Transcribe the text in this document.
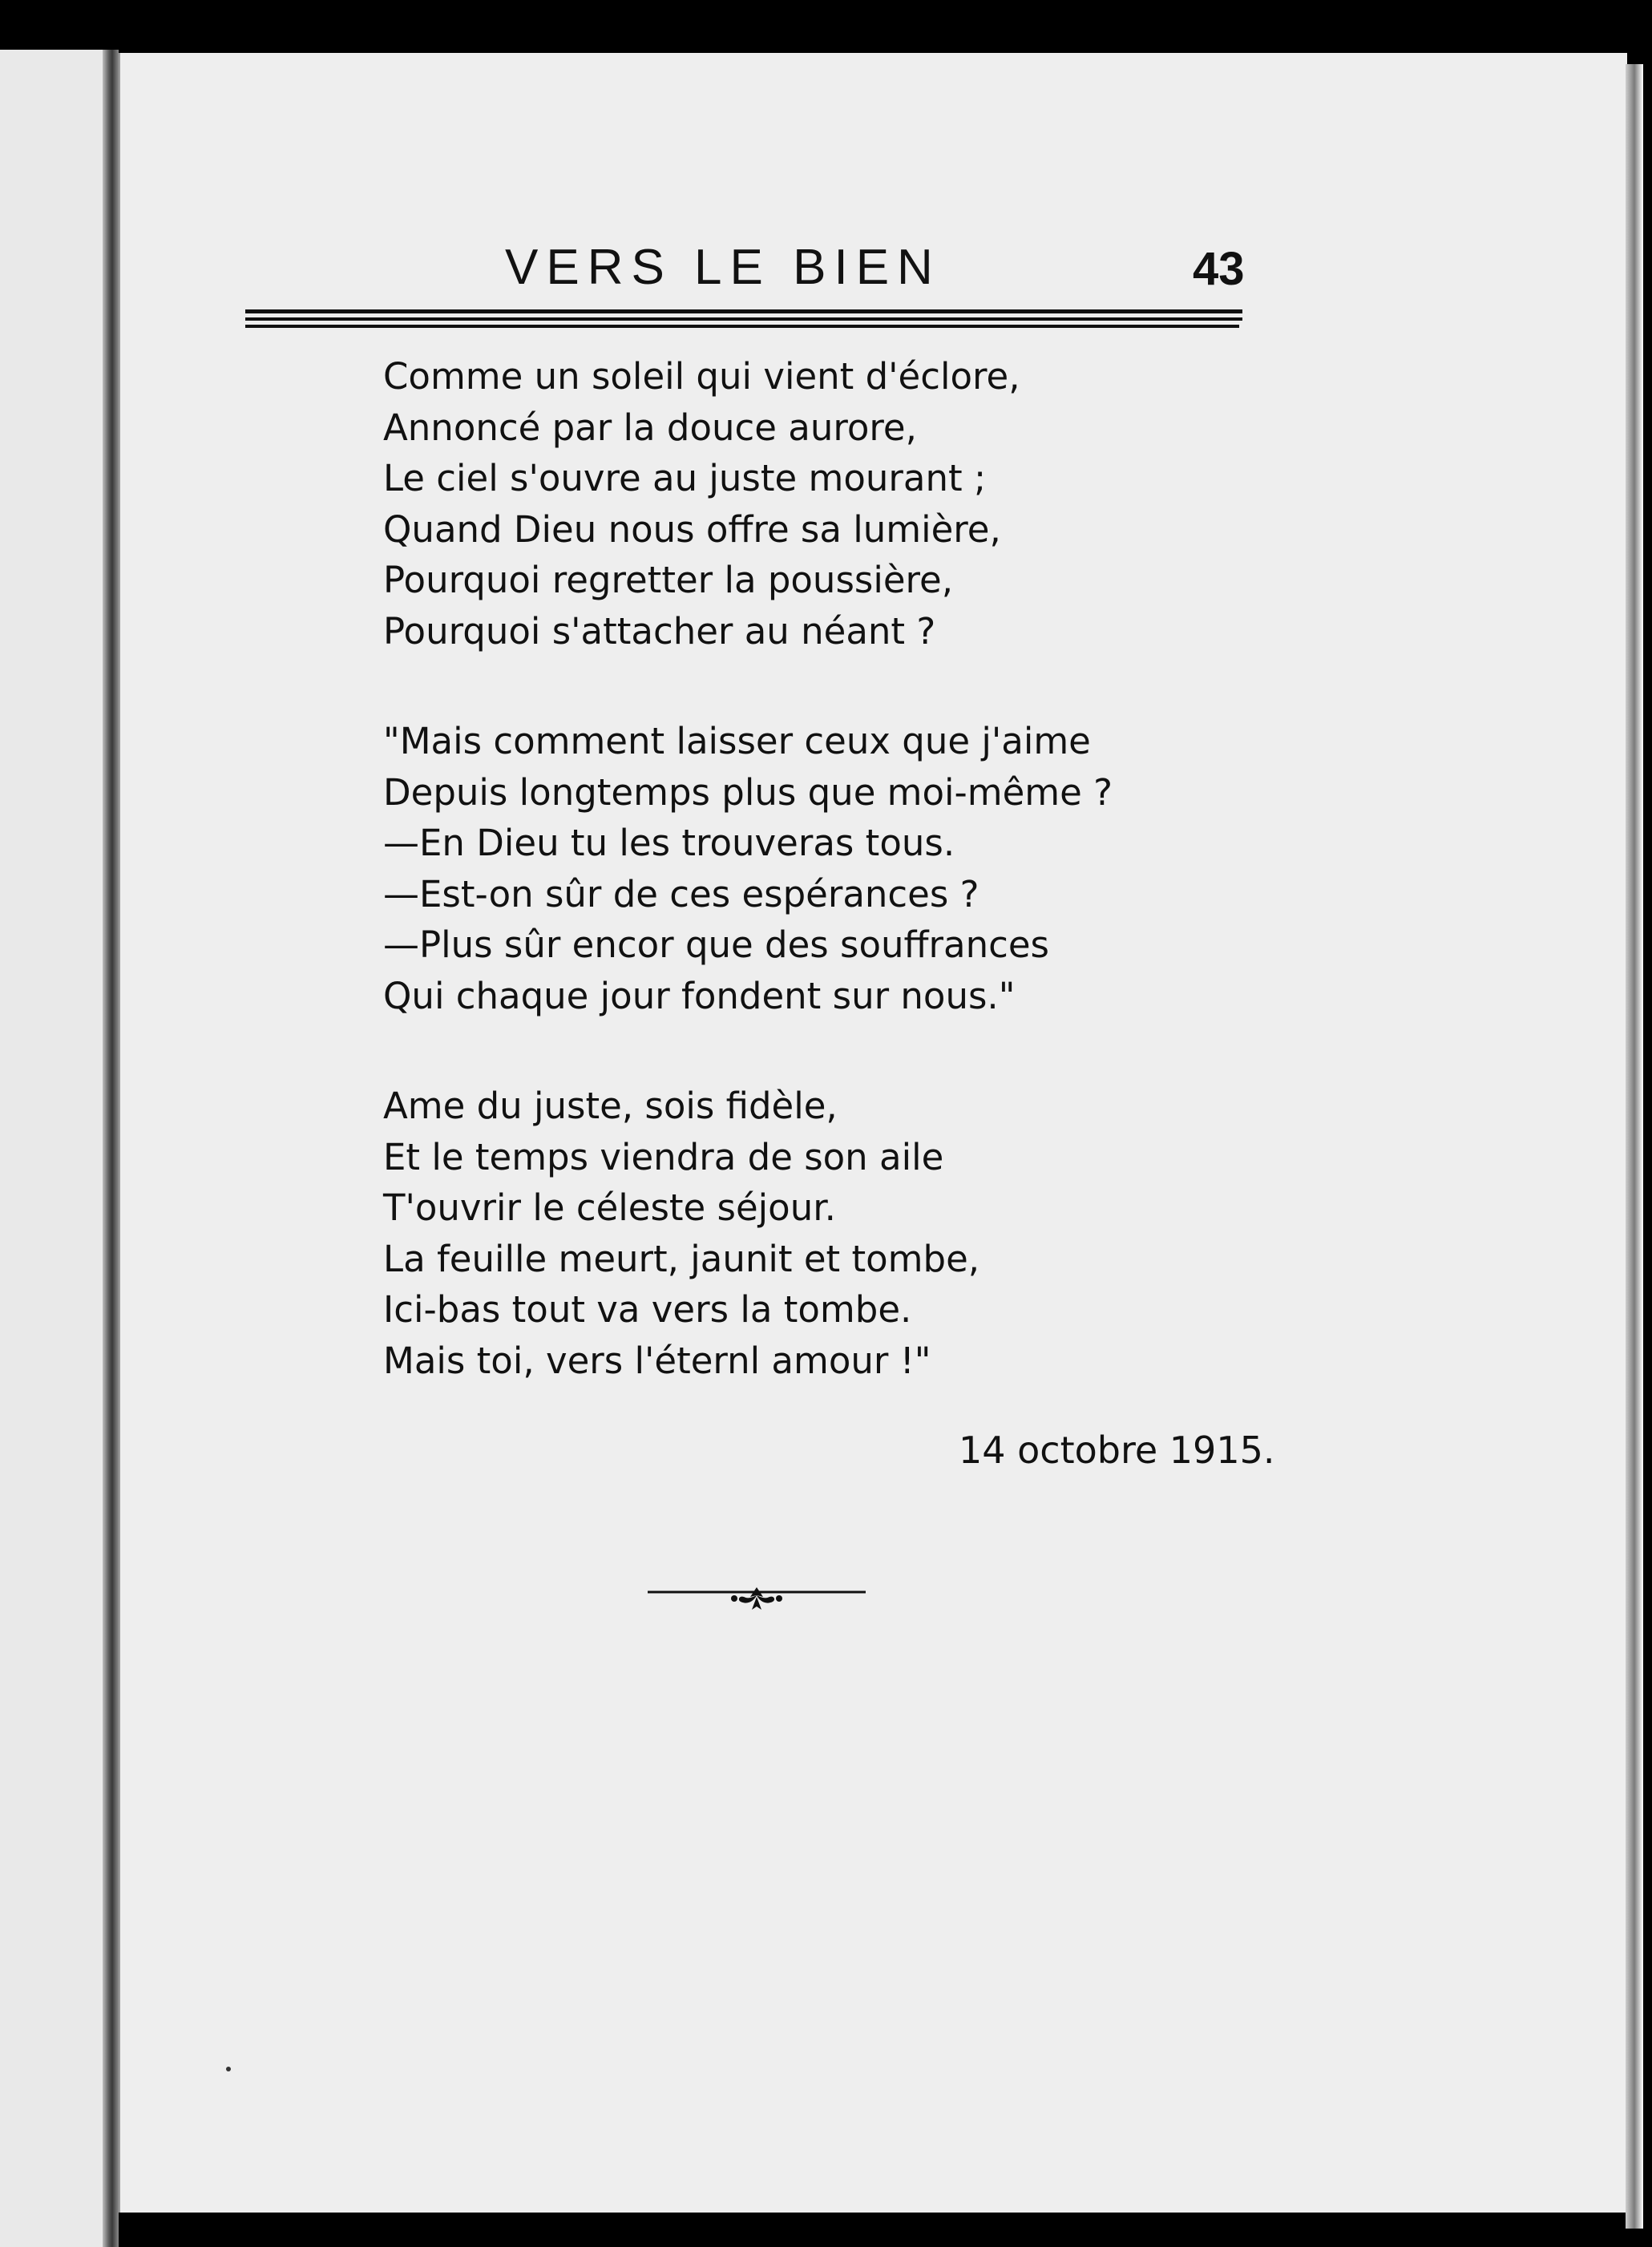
VERS LE BIEN	43
Comme un soleil qui vient d'éclore,
Annoncé par la douce aurore,
Le ciel s'ouvre au juste mourant ;
Quand Dieu nous offre sa lumière,
Pourquoi regretter la poussière,
Pourquoi s'attacher au néant ?
"Mais comment laisser ceux que j'aime
Depuis longtemps plus que moi-même ?
—En Dieu tu les trouveras tous.
—Est-on sûr de ces espérances ?
—Plus sûr encor que des souffrances
Qui chaque jour fondent sur nous."
Ame du juste, sois fidèle,
Et le temps viendra de son aile
T'ouvrir le céleste séjour.
La feuille meurt, jaunit et tombe,
Ici-bas tout va vers la tombe.
Mais toi, vers l'éternl amour !"
14 octobre 1915.
